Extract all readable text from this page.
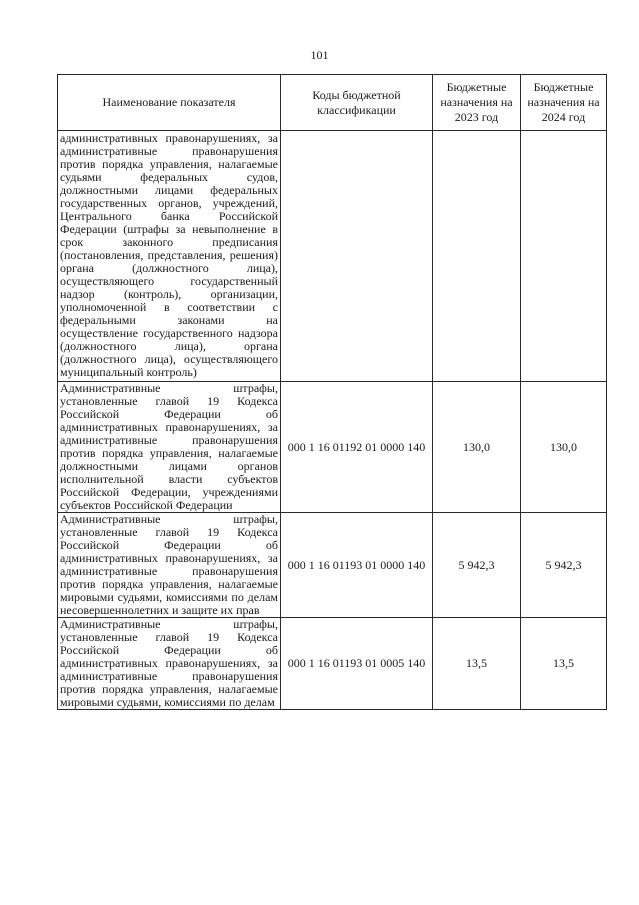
101
Наименование показателя	Коды бюджетной классификации	Бюджетные назначения на 2023 год	Бюджетные назначения на 2024 год
административных правонарушениях, за административные правонарушения против порядка управления, налагаемые судьями федеральных судов, должностными лицами федеральных государственных органов, учреждений, Центрального банка Российской Федерации (штрафы за невыполнение в срок законного предписания (постановления, представления, решения) органа (должностного лица), осуществляющего государственный надзор (контроль), организации, уполномоченной в соответствии с федеральными законами на осуществление государственного надзора (должностного лица), органа (должностного лица), осуществляющего муниципальный контроль)			
Административные штрафы, установленные главой 19 Кодекса Российской Федерации об административных правонарушениях, за административные правонарушения против порядка управления, налагаемые должностными лицами органов исполнительной власти субъектов Российской Федерации, учреждениями субъектов Российской Федерации	000 1 16 01192 01 0000 140	130,0	130,0
Административные штрафы, установленные главой 19 Кодекса Российской Федерации об административных правонарушениях, за административные правонарушения против порядка управления, налагаемые мировыми судьями, комиссиями по делам несовершеннолетних и защите их прав	000 1 16 01193 01 0000 140	5 942,3	5 942,3
Административные штрафы, установленные главой 19 Кодекса Российской Федерации об административных правонарушениях, за административные правонарушения против порядка управления, налагаемые мировыми судьями, комиссиями по делам	000 1 16 01193 01 0005 140	13,5	13,5
